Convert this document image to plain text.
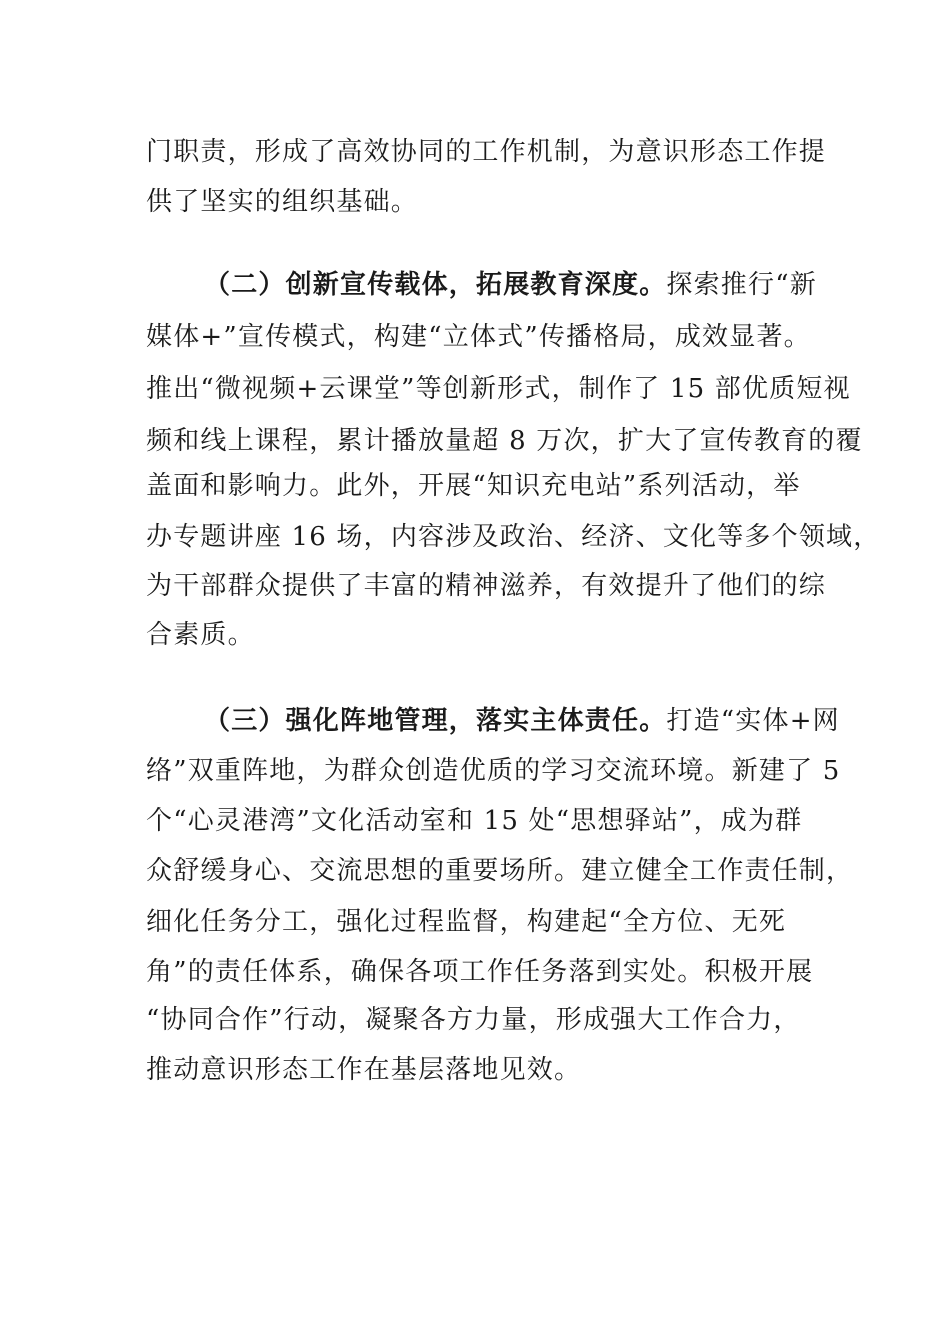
门职责，形成了高效协同的工作机制，为意识形态工作提
供了坚实的组织基础。
（二）创新宣传载体，拓展教育深度。探索推行“新
媒体+”宣传模式，构建“立体式”传播格局，成效显著。
推出“微视频+云课堂”等创新形式，制作了 15 部优质短视
频和线上课程，累计播放量超 8 万次，扩大了宣传教育的覆
盖面和影响力。此外，开展“知识充电站”系列活动，举
办专题讲座 16 场，内容涉及政治、经济、文化等多个领域，
为干部群众提供了丰富的精神滋养，有效提升了他们的综
合素质。
（三）强化阵地管理，落实主体责任。打造“实体+网
络”双重阵地，为群众创造优质的学习交流环境。新建了 5
个“心灵港湾”文化活动室和 15 处“思想驿站”，成为群
众舒缓身心、交流思想的重要场所。建立健全工作责任制，
细化任务分工，强化过程监督，构建起“全方位、无死
角”的责任体系，确保各项工作任务落到实处。积极开展
“协同合作”行动，凝聚各方力量，形成强大工作合力，
推动意识形态工作在基层落地见效。
